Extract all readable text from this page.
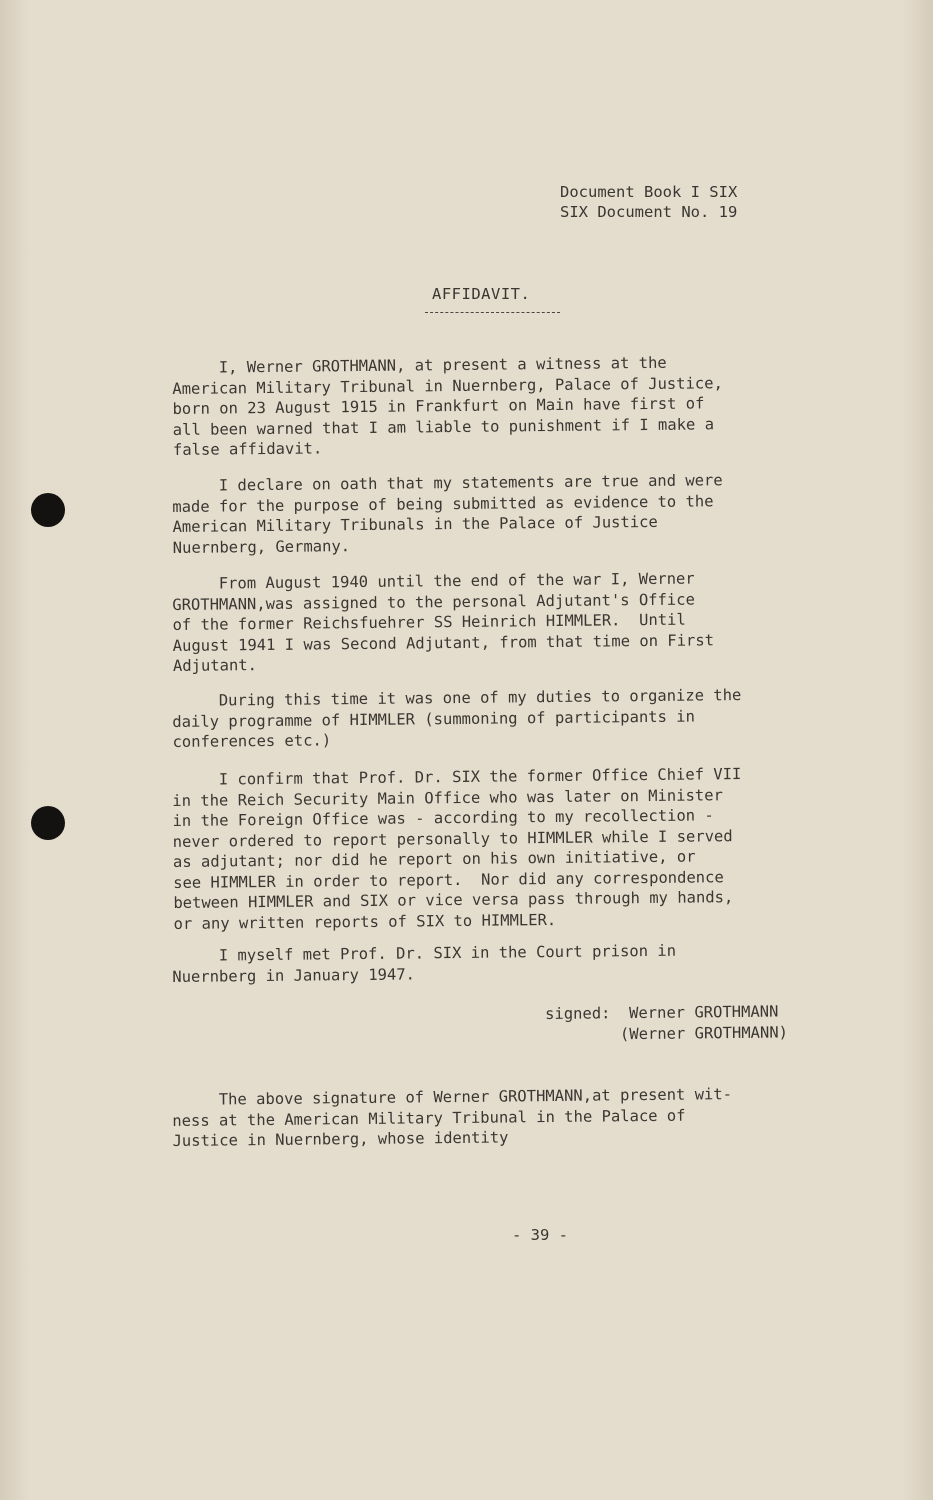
Document Book I SIX
SIX Document No. 19
AFFIDAVIT.
I, Werner GROTHMANN, at present a witness at the
American Military Tribunal in Nuernberg, Palace of Justice,
born on 23 August 1915 in Frankfurt on Main have first of
all been warned that I am liable to punishment if I make a
false affidavit.
I declare on oath that my statements are true and were
made for the purpose of being submitted as evidence to the
American Military Tribunals in the Palace of Justice
Nuernberg, Germany.
From August 1940 until the end of the war I, Werner
GROTHMANN,was assigned to the personal Adjutant's Office
of the former Reichsfuehrer SS Heinrich HIMMLER.  Until
August 1941 I was Second Adjutant, from that time on First
Adjutant.
During this time it was one of my duties to organize the
daily programme of HIMMLER (summoning of participants in
conferences etc.)
I confirm that Prof. Dr. SIX the former Office Chief VII
in the Reich Security Main Office who was later on Minister
in the Foreign Office was - according to my recollection -
never ordered to report personally to HIMMLER while I served
as adjutant; nor did he report on his own initiative, or
see HIMMLER in order to report.  Nor did any correspondence
between HIMMLER and SIX or vice versa pass through my hands,
or any written reports of SIX to HIMMLER.
I myself met Prof. Dr. SIX in the Court prison in
Nuernberg in January 1947.
signed:  Werner GROTHMANN
(Werner GROTHMANN)
The above signature of Werner GROTHMANN,at present wit-
ness at the American Military Tribunal in the Palace of
Justice in Nuernberg, whose identity
- 39 -
